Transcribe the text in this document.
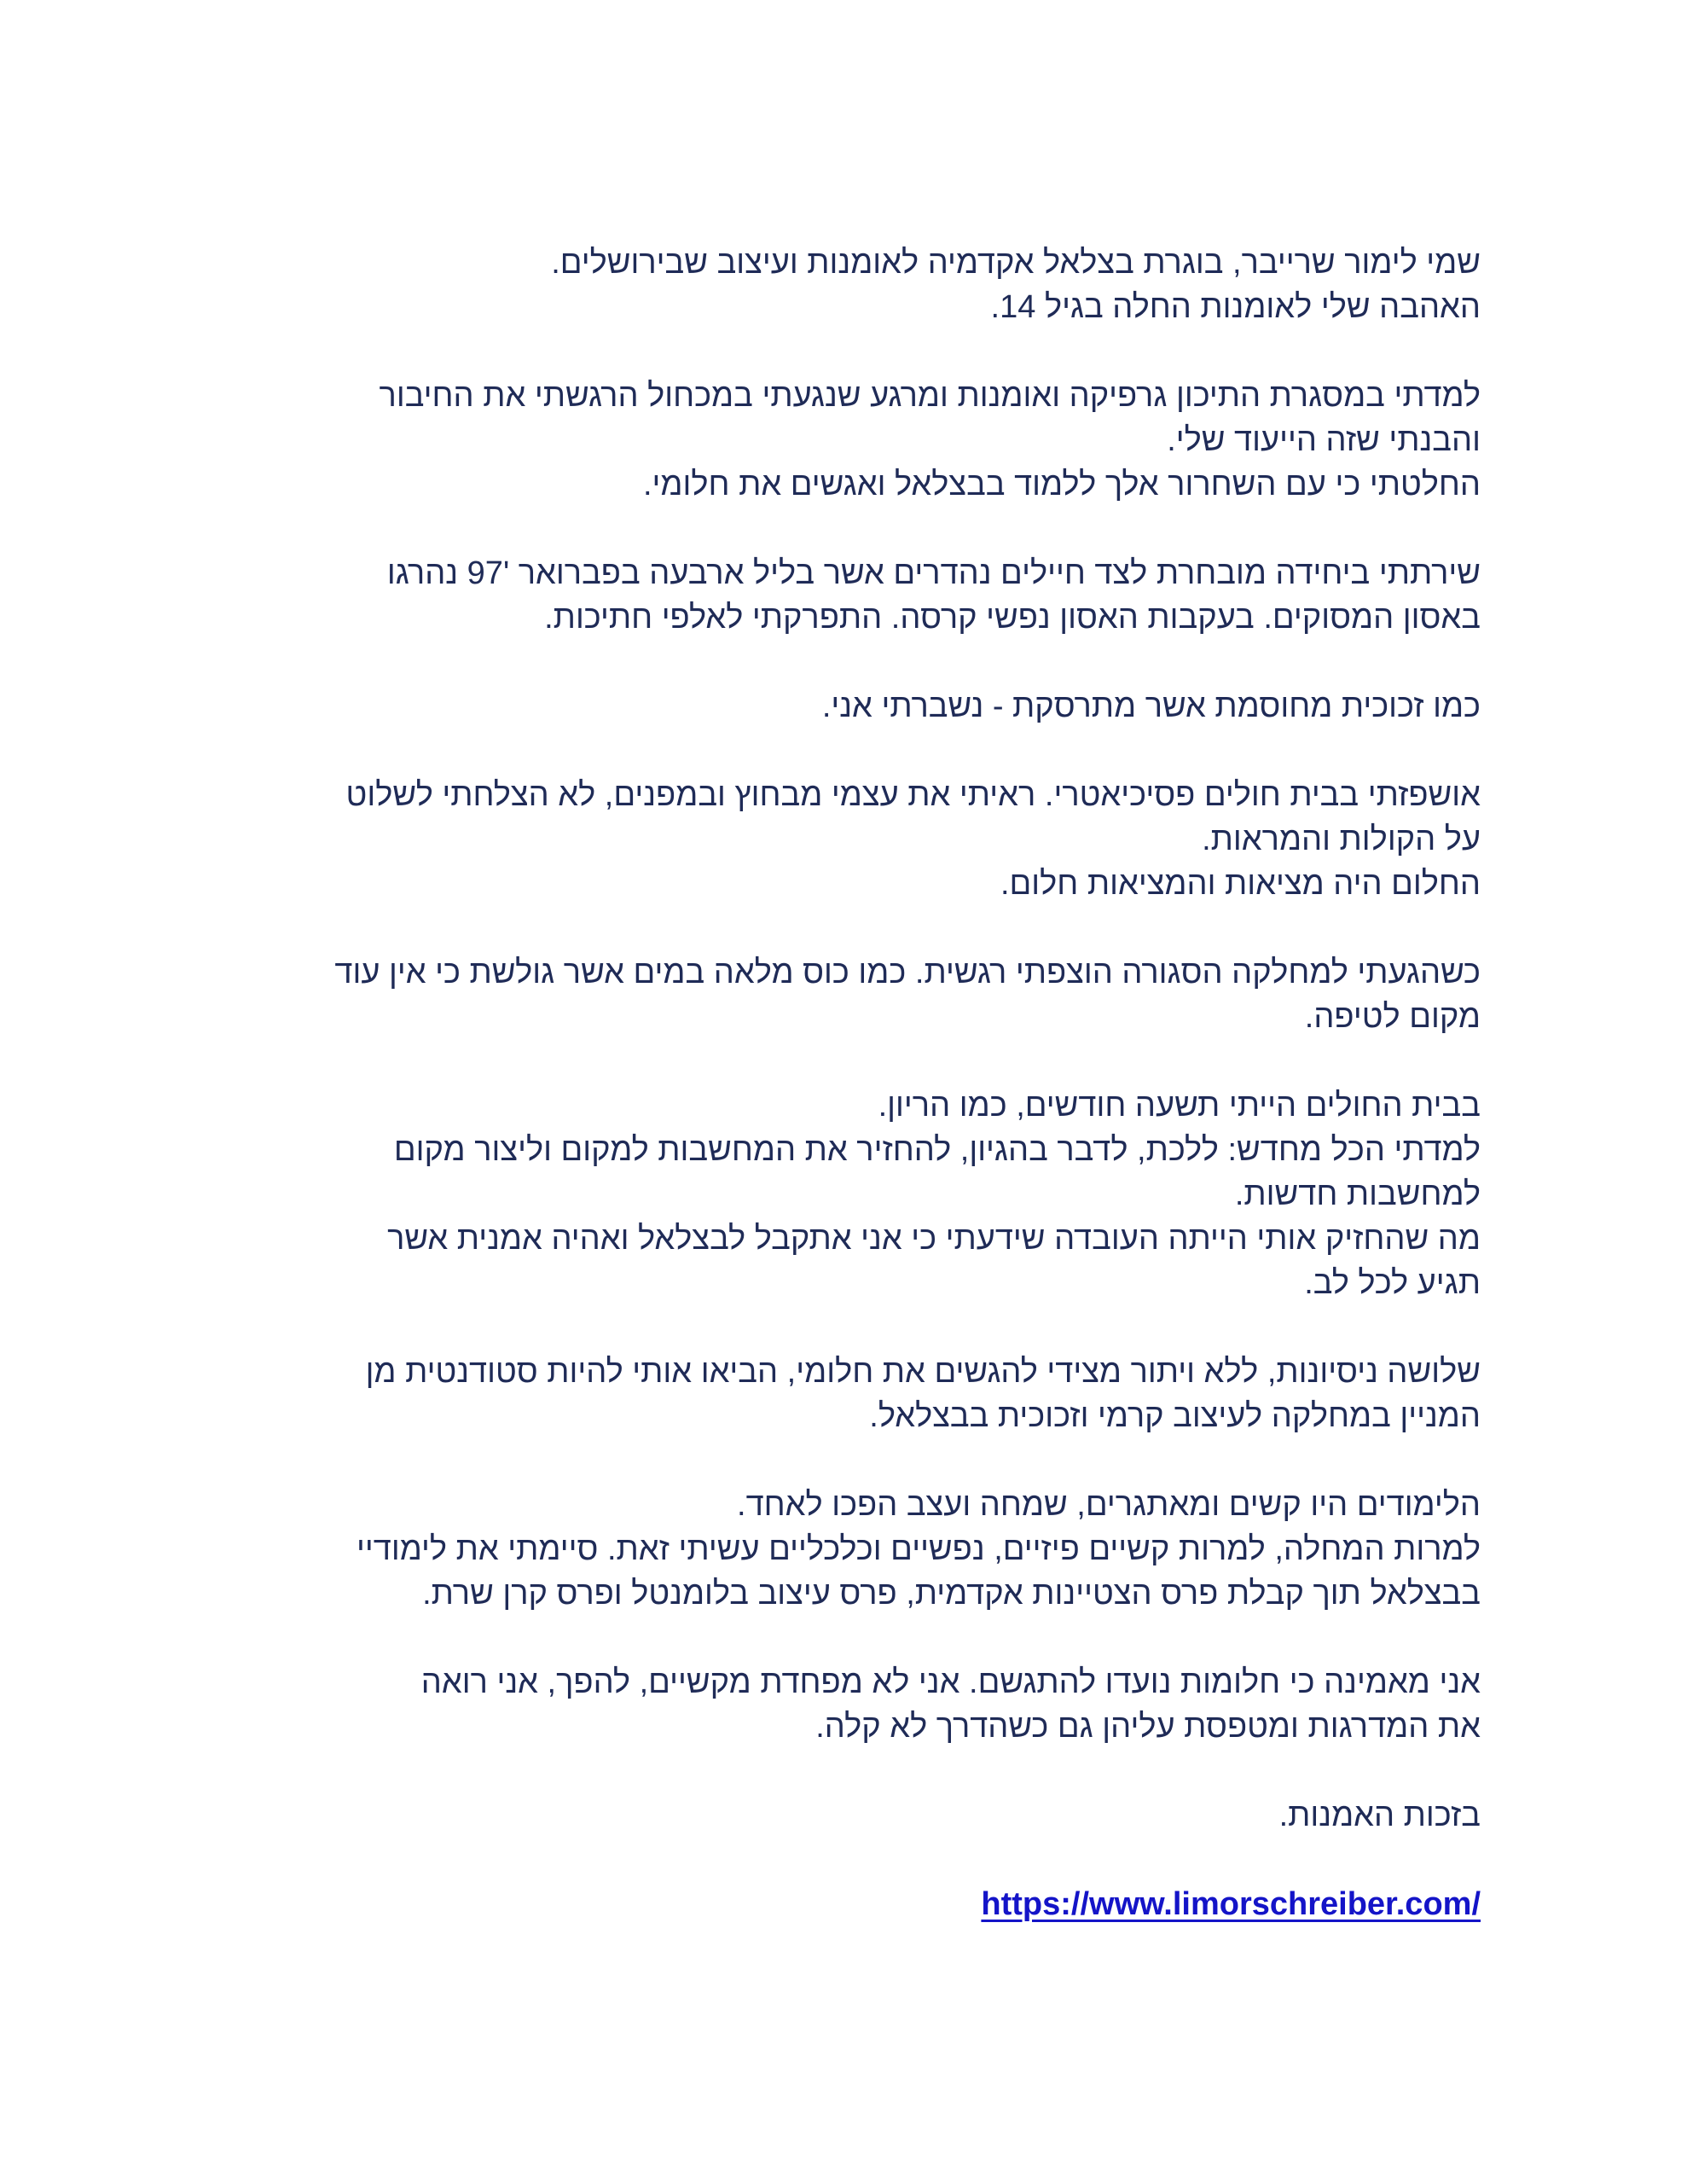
שמי לימור שרייבר, בוגרת בצלאל אקדמיה לאומנות ועיצוב שבירושלים.
האהבה שלי לאומנות החלה בגיל 14.

למדתי במסגרת התיכון גרפיקה ואומנות ומרגע שנגעתי במכחול הרגשתי את החיבור
והבנתי שזה הייעוד שלי.
החלטתי כי עם השחרור אלך ללמוד בבצלאל ואגשים את חלומי.

שירתתי ביחידה מובחרת לצד חיילים נהדרים אשר בליל ארבעה בפברואר '97 נהרגו
באסון המסוקים. בעקבות האסון נפשי קרסה. התפרקתי לאלפי חתיכות.

כמו זכוכית מחוסמת אשר מתרסקת - נשברתי אני.

אושפזתי בבית חולים פסיכיאטרי. ראיתי את עצמי מבחוץ ובמפנים, לא הצלחתי לשלוט
על הקולות והמראות.
החלום היה מציאות והמציאות חלום.

כשהגעתי למחלקה הסגורה הוצפתי רגשית. כמו כוס מלאה במים אשר גולשת כי אין עוד
מקום לטיפה.

בבית החולים הייתי תשעה חודשים, כמו הריון.
למדתי הכל מחדש: ללכת, לדבר בהגיון, להחזיר את המחשבות למקום וליצור מקום
למחשבות חדשות.
מה שהחזיק אותי הייתה העובדה שידעתי כי אני אתקבל לבצלאל ואהיה אמנית אשר
תגיע לכל לב.

שלושה ניסיונות, ללא ויתור מצידי להגשים את חלומי, הביאו אותי להיות סטודנטית מן
המניין במחלקה לעיצוב קרמי וזכוכית בבצלאל.

הלימודים היו קשים ומאתגרים, שמחה ועצב הפכו לאחד.
למרות המחלה, למרות קשיים פיזיים, נפשיים וכלכליים עשיתי זאת. סיימתי את לימודיי
בבצלאל תוך קבלת פרס הצטיינות אקדמית, פרס עיצוב בלומנטל ופרס קרן שרת.

אני מאמינה כי חלומות נועדו להתגשם. אני לא מפחדת מקשיים, להפך, אני רואה
את המדרגות ומטפסת עליהן גם כשהדרך לא קלה.

בזכות האמנות.

https://www.limorschreiber.com/
